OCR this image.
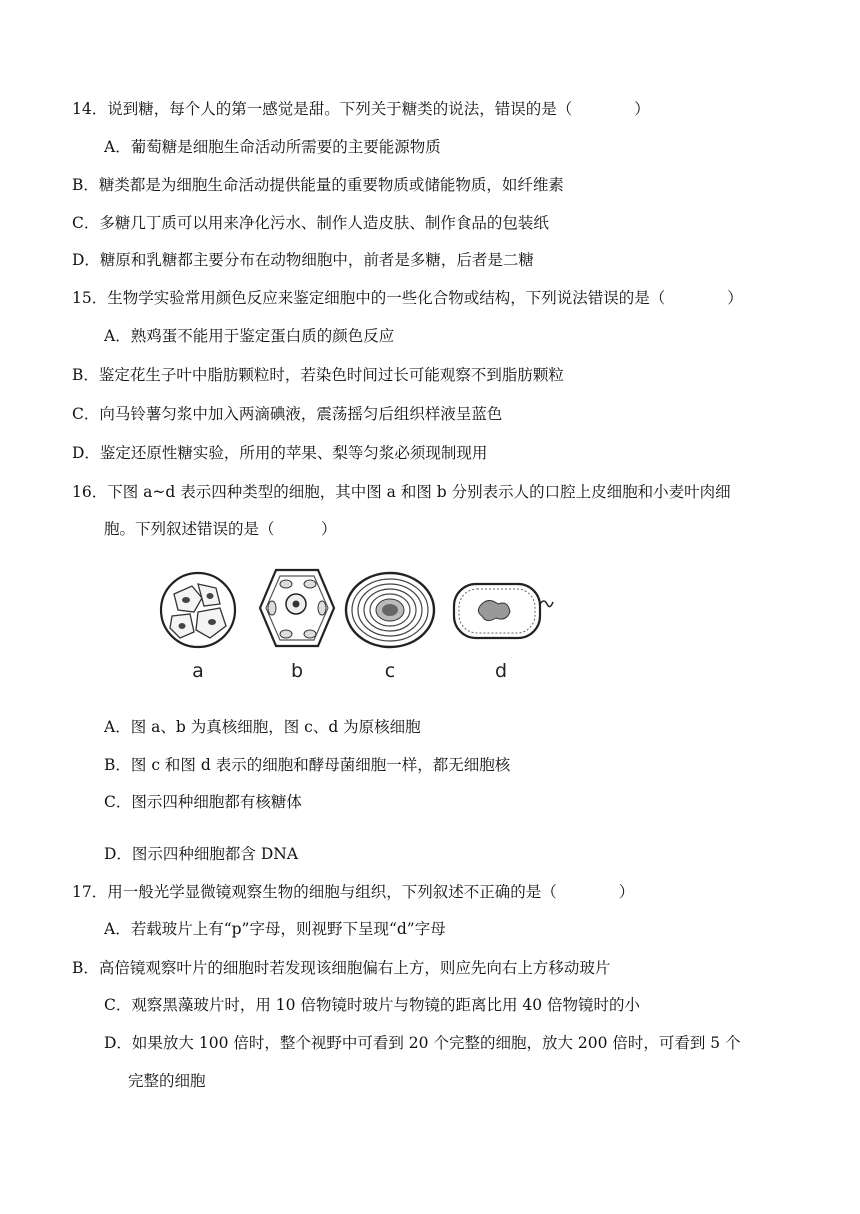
14．说到糖，每个人的第一感觉是甜。下列关于糖类的说法，错误的是（　　　　）
A．葡萄糖是细胞生命活动所需要的主要能源物质
B．糖类都是为细胞生命活动提供能量的重要物质或储能物质，如纤维素
C．多糖几丁质可以用来净化污水、制作人造皮肤、制作食品的包装纸
D．糖原和乳糖都主要分布在动物细胞中，前者是多糖，后者是二糖
15．生物学实验常用颜色反应来鉴定细胞中的一些化合物或结构，下列说法错误的是（　　　　）
A．熟鸡蛋不能用于鉴定蛋白质的颜色反应
B．鉴定花生子叶中脂肪颗粒时，若染色时间过长可能观察不到脂肪颗粒
C．向马铃薯匀浆中加入两滴碘液，震荡摇匀后组织样液呈蓝色
D．鉴定还原性糖实验，所用的苹果、梨等匀浆必须现制现用
16．下图 a~d 表示四种类型的细胞，其中图 a 和图 b 分别表示人的口腔上皮细胞和小麦叶肉细
胞。下列叙述错误的是（　　　）
a	b	c	d
A．图 a、b 为真核细胞，图 c、d 为原核细胞
B．图 c 和图 d 表示的细胞和酵母菌细胞一样，都无细胞核
C．图示四种细胞都有核糖体
D．图示四种细胞都含 DNA
17．用一般光学显微镜观察生物的细胞与组织，下列叙述不正确的是（　　　　）
A．若载玻片上有“p”字母，则视野下呈现“d”字母
B．高倍镜观察叶片的细胞时若发现该细胞偏右上方，则应先向右上方移动玻片
C．观察黑藻玻片时，用 10 倍物镜时玻片与物镜的距离比用 40 倍物镜时的小
D．如果放大 100 倍时，整个视野中可看到 20 个完整的细胞，放大 200 倍时，可看到 5 个
完整的细胞
